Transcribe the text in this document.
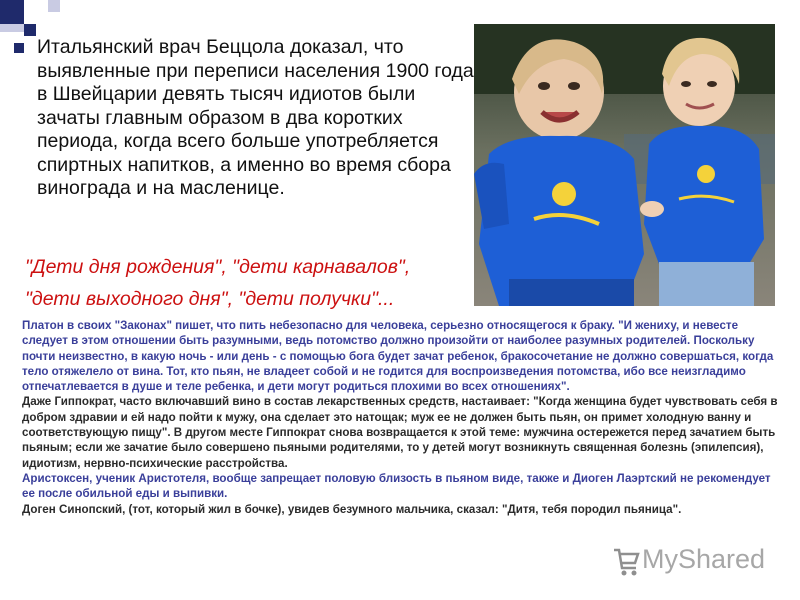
Итальянский врач Беццола доказал, что выявленные при переписи населения 1900 года в Швейцарии девять тысяч идиотов были зачаты главным образом в два коротких периода, когда всего больше употребляется спиртных напитков, а именно во время сбора винограда и на масленице.
"Дети дня рождения", "дети карнавалов",
"дети выходного дня", "дети получки"...

Платон в своих "Законах" пишет, что пить небезопасно для человека, серьезно относящегося к браку. "И жениху, и невесте следует в этом отношении быть разумными, ведь потомство должно произойти от наиболее разумных родителей. Поскольку почти неизвестно, в какую ночь - или день - с помощью бога будет зачат ребенок, бракосочетание не должно совершаться, когда тело отяжелело от вина. Тот, кто пьян, не владеет собой и не годится для воспроизведения потомства, ибо все неизгладимо отпечатлевается в душе и теле ребенка, и дети могут родиться плохими во всех отношениях".

Даже Гиппократ, часто включавший вино в состав лекарственных средств, настаивает: "Когда женщина будет чувствовать себя в добром здравии и ей надо пойти к мужу, она сделает это натощак; муж ее не должен быть пьян, он примет холодную ванну и соответствующую пищу". В другом месте Гиппократ снова возвращается к этой теме: мужчина остережется перед зачатием быть пьяным; если же зачатие было совершено пьяными родителями, то у детей могут возникнуть священная болезнь (эпилепсия), идиотизм, нервно-психические расстройства.

Аристоксен, ученик Аристотеля, вообще запрещает половую близость в пьяном виде, также и Диоген Лаэртский не рекомендует ее после обильной еды и выпивки.

Доген Синопский, (тот, который жил в бочке), увидев безумного мальчика, сказал: "Дитя, тебя породил пьяница".

MyShared
